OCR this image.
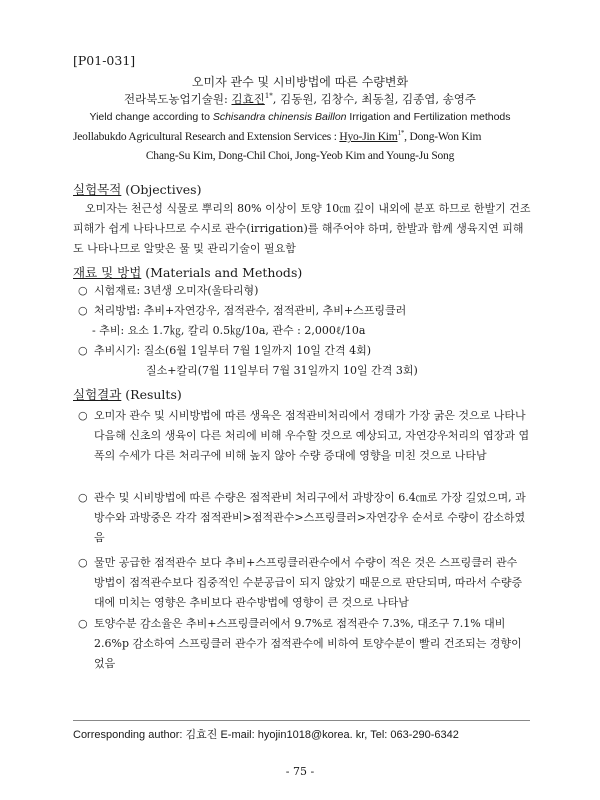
[P01-031]
오미자 관수 및 시비방법에 따른 수량변화
전라북도농업기술원: 김효진$^{1*}$, 김동원, 김창수, 최동칠, 김종엽, 송영주
Yield change according to Schisandra chinensis Baillon Irrigation and Fertilization methods
Jeollabukdo Agricultural Research and Extension Services : Hyo-Jin Kim$^{1*}$, Dong-Won Kim
Chang-Su Kim, Dong-Chil Choi, Jong-Yeob Kim and Young-Ju Song
실험목적 (Objectives)
오미자는 천근성 식물로 뿌리의 80% 이상이 토양 10㎝ 깊이 내외에 분포 하므로 한발기 건조피해가 쉽게 나타나므로 수시로 관수(irrigation)를 해주어야 하며, 한발과 함께 생육지연 피해도 나타나므로 알맞은 물 및 관리기술이 필요함
재료 및 방법 (Materials and Methods)
○ 시험재료: 3년생 오미자(울타리형)
○ 처리방법: 추비+자연강우, 점적관수, 점적관비, 추비+스프링클러
- 추비: 요소 1.7㎏, 칼리 0.5㎏/10a, 관수 : 2,000ℓ/10a
○ 추비시기: 질소(6월 1일부터 7월 1일까지 10일 간격 4회)
질소+칼리(7월 11일부터 7월 31일까지 10일 간격 3회)
실험결과 (Results)
○ 오미자 관수 및 시비방법에 따른 생육은 점적관비처리에서 경태가 가장 굵은 것으로 나타나 다음해 신초의 생육이 다른 처리에 비해 우수할 것으로 예상되고, 자연강우처리의 엽장과 엽폭의 수세가 다른 처리구에 비해 높지 않아 수량 증대에 영향을 미친 것으로 나타남
○ 관수 및 시비방법에 따른 수량은 점적관비 처리구에서 과방장이 6.4㎝로 가장 길었으며, 과방수와 과방중은 각각 점적관비>점적관수>스프링클러>자연강우 순서로 수량이 감소하였음
○ 물만 공급한 점적관수 보다 추비+스프링클러관수에서 수량이 적은 것은 스프링클러 관수 방법이 점적관수보다 집중적인 수분공급이 되지 않았기 때문으로 판단되며, 따라서 수량증대에 미치는 영향은 추비보다 관수방법에 영향이 큰 것으로 나타남
○ 토양수분 감소율은 추비+스프링클러에서 9.7%로 점적관수 7.3%, 대조구 7.1% 대비 2.6%p 감소하여 스프링클러 관수가 점적관수에 비하여 토양수분이 빨리 건조되는 경향이었음
Corresponding author: 김효진 E-mail: hyojin1018@korea. kr, Tel: 063-290-6342
- 75 -
